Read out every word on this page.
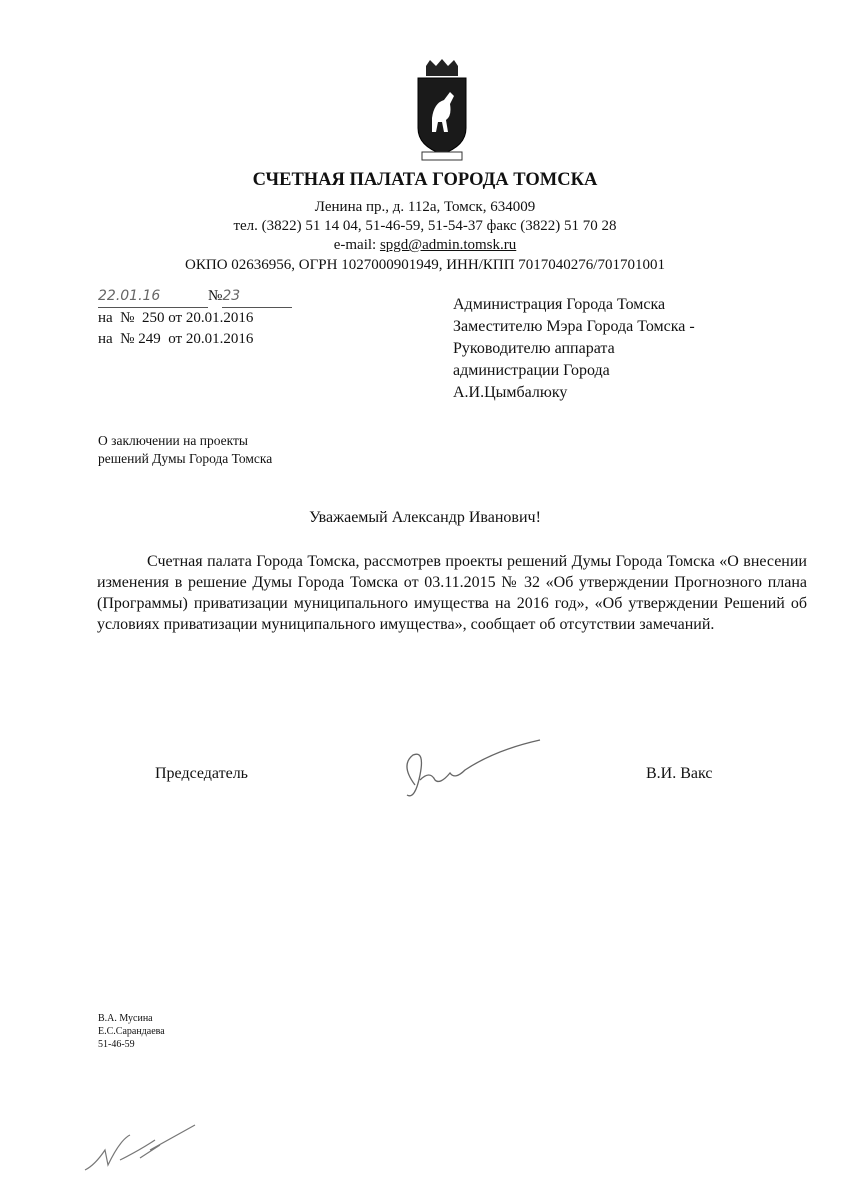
СЧЕТНАЯ ПАЛАТА ГОРОДА ТОМСКА
Ленина пр., д. 112а, Томск, 634009
тел. (3822) 51 14 04, 51-46-59, 51-54-37 факс (3822) 51 70 28
e-mail: spgd@admin.tomsk.ru
ОКПО 02636956, ОГРН 1027000901949, ИНН/КПП 7017040276/701701001
22.01.16	№23
на  №  250 от 20.01.2016
на  № 249  от 20.01.2016
Администрация Города Томска
Заместителю Мэра Города Томска -
Руководителю аппарата
администрации Города
А.И.Цымбалюку
О заключении на проекты
решений Думы Города Томска
Уважаемый Александр Иванович!
Счетная палата Города Томска, рассмотрев проекты решений Думы Города Томска «О внесении изменения в решение Думы Города Томска от 03.11.2015 № 32 «Об утверждении Прогнозного плана (Программы) приватизации муниципального имущества на 2016 год», «Об утверждении Решений об условиях приватизации муниципального имущества», сообщает об отсутствии замечаний.
Председатель	В.И. Вакс
В.А. Мусина
Е.С.Сарандаева
51-46-59
